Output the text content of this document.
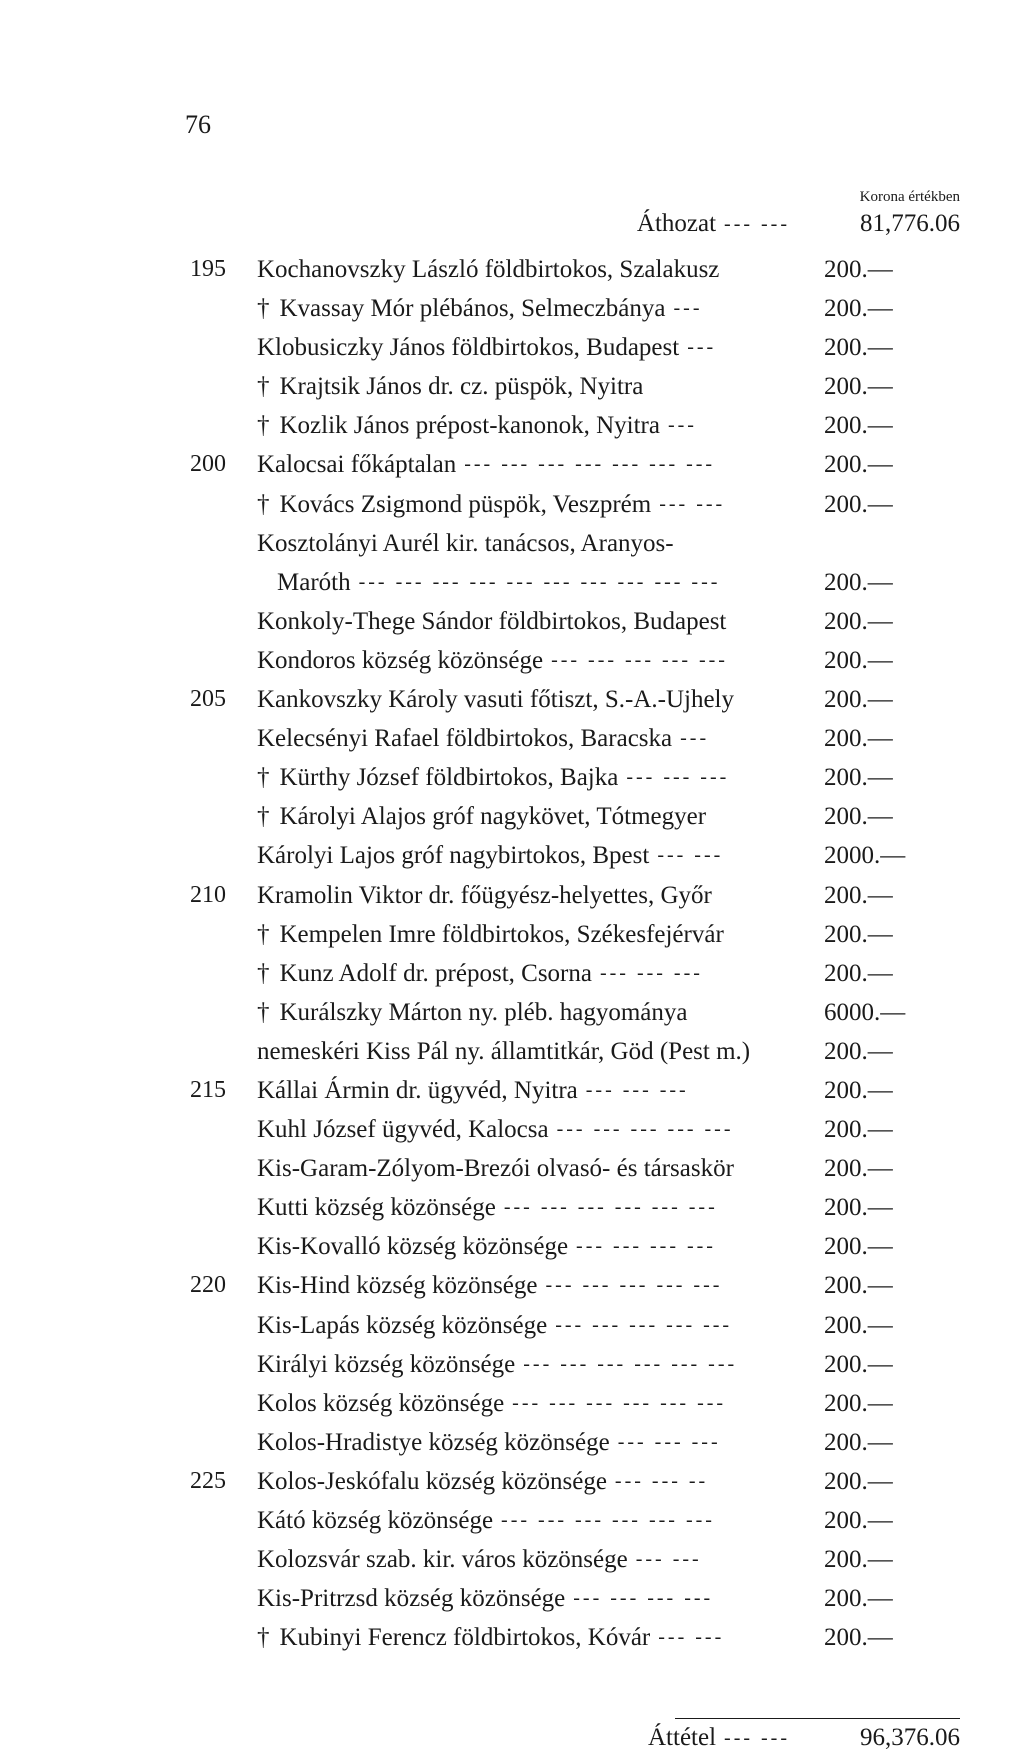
76
Korona értékben
Áthozat --- ---	81,776.06
195	Kochanovszky László földbirtokos, Szalakusz	200.—
† Kvassay Mór plébános, Selmeczbánya ---	200.—
Klobusiczky János földbirtokos, Budapest ---	200.—
† Krajtsik János dr. cz. püspök, Nyitra	200.—
† Kozlik János prépost-kanonok, Nyitra ---	200.—
200	Kalocsai főkáptalan --- --- --- --- --- --- ---	200.—
† Kovács Zsigmond püspök, Veszprém --- ---	200.—
Kosztolányi Aurél kir. tanácsos, Aranyos-
Maróth --- --- --- --- --- --- --- --- --- ---	200.—
Konkoly-Thege Sándor földbirtokos, Budapest	200.—
Kondoros község közönsége --- --- --- --- ---	200.—
205	Kankovszky Károly vasuti főtiszt, S.-A.-Ujhely	200.—
Kelecsényi Rafael földbirtokos, Baracska ---	200.—
† Kürthy József földbirtokos, Bajka --- --- ---	200.—
† Károlyi Alajos gróf nagykövet, Tótmegyer	200.—
Károlyi Lajos gróf nagybirtokos, Bpest --- ---	2000.—
210	Kramolin Viktor dr. főügyész-helyettes, Győr	200.—
† Kempelen Imre földbirtokos, Székesfejérvár	200.—
† Kunz Adolf dr. prépost, Csorna --- --- ---	200.—
† Kurálszky Márton ny. pléb. hagyománya	6000.—
nemeskéri Kiss Pál ny. államtitkár, Göd (Pest m.)	200.—
215	Kállai Ármin dr. ügyvéd, Nyitra --- --- ---	200.—
Kuhl József ügyvéd, Kalocsa --- --- --- --- ---	200.—
Kis-Garam-Zólyom-Brezói olvasó- és társaskör	200.—
Kutti község közönsége --- --- --- --- --- ---	200.—
Kis-Kovalló község közönsége --- --- --- ---	200.—
220	Kis-Hind község közönsége --- --- --- --- ---	200.—
Kis-Lapás község közönsége --- --- --- --- ---	200.—
Királyi község közönsége --- --- --- --- --- ---	200.—
Kolos község közönsége --- --- --- --- --- ---	200.—
Kolos-Hradistye község közönsége --- --- ---	200.—
225	Kolos-Jeskófalu község közönsége --- --- --	200.—
Kátó község közönsége --- --- --- --- --- ---	200.—
Kolozsvár szab. kir. város közönsége --- ---	200.—
Kis-Pritrzsd község közönsége --- --- --- ---	200.—
† Kubinyi Ferencz földbirtokos, Kóvár --- ---	200.—
Áttétel --- ---	96,376.06
